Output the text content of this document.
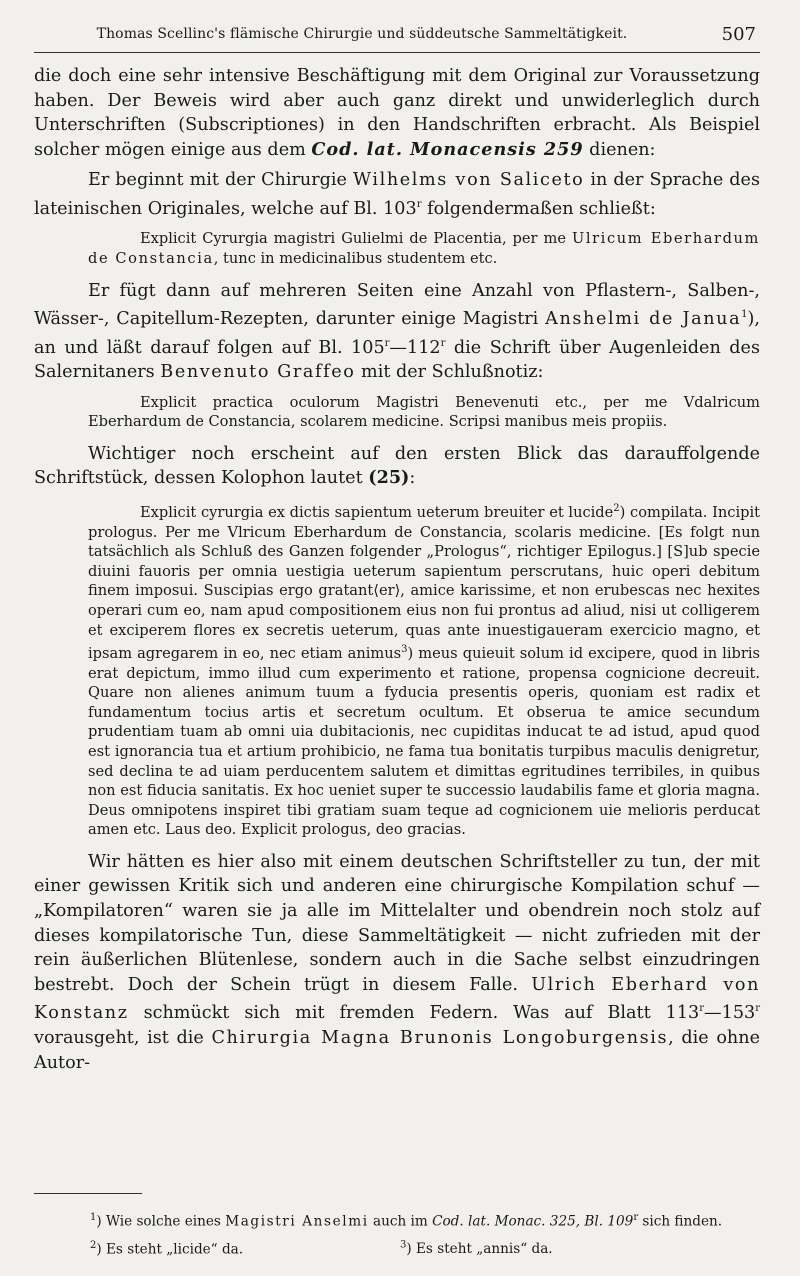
Thomas Scellinc's flämische Chirurgie und süddeutsche Sammeltätigkeit.	507

die doch eine sehr intensive Beschäftigung mit dem Original zur Voraussetzung haben. Der Beweis wird aber auch ganz direkt und unwiderleglich durch Unterschriften (Subscriptiones) in den Handschriften erbracht. Als Beispiel solcher mögen einige aus dem Cod. lat. Monacensis 259 dienen:

Er beginnt mit der Chirurgie Wilhelms von Saliceto in der Sprache des lateinischen Originales, welche auf Bl. 103$^r$ folgendermaßen schließt:

Explicit Cyrurgia magistri Gulielmi de Placentia, per me Ulricum Eberhardum de Constancia, tunc in medicinalibus studentem etc.

Er fügt dann auf mehreren Seiten eine Anzahl von Pflastern-, Salben-, Wässer-, Capitellum-Rezepten, darunter einige Magistri Anshelmi de Janua$^1$), an und läßt darauf folgen auf Bl. 105$^r$—112$^r$ die Schrift über Augenleiden des Salernitaners Benvenuto Graffeo mit der Schlußnotiz:

Explicit practica oculorum Magistri Benevenuti etc., per me Vdalricum Eberhardum de Constancia, scolarem medicine. Scripsi manibus meis propiis.

Wichtiger noch erscheint auf den ersten Blick das darauffolgende Schriftstück, dessen Kolophon lautet (25):

Explicit cyrurgia ex dictis sapientum ueterum breuiter et lucide$^2$) compilata. Incipit prologus. Per me Vlricum Eberhardum de Constancia, scolaris medicine. [Es folgt nun tatsächlich als Schluß des Ganzen folgender „Prologus“, richtiger Epilogus.] [S]ub specie diuini fauoris per omnia uestigia ueterum sapientum perscrutans, huic operi debitum finem imposui. Suscipias ergo gratant⟨er⟩, amice karissime, et non erubescas nec hexites operari cum eo, nam apud compositionem eius non fui prontus ad aliud, nisi ut colligerem et exciperem flores ex secretis ueterum, quas ante inuestigaueram exercicio magno, et ipsam agregarem in eo, nec etiam animus$^3$) meus quieuit solum id excipere, quod in libris erat depictum, immo illud cum experimento et ratione, propensa cognicione decreuit. Quare non alienes animum tuum a fyducia presentis operis, quoniam est radix et fundamentum tocius artis et secretum ocultum. Et obserua te amice secundum prudentiam tuam ab omni uia dubitacionis, nec cupiditas inducat te ad istud, apud quod est ignorancia tua et artium prohibicio, ne fama tua bonitatis turpibus maculis denigretur, sed declina te ad uiam perducentem salutem et dimittas egritudines terribiles, in quibus non est fiducia sanitatis. Ex hoc ueniet super te successio laudabilis fame et gloria magna. Deus omnipotens inspiret tibi gratiam suam teque ad cognicionem uie melioris perducat amen etc. Laus deo. Explicit prologus, deo gracias.

Wir hätten es hier also mit einem deutschen Schriftsteller zu tun, der mit einer gewissen Kritik sich und anderen eine chirurgische Kompilation schuf — „Kompilatoren“ waren sie ja alle im Mittelalter und obendrein noch stolz auf dieses kompilatorische Tun, diese Sammeltätigkeit — nicht zufrieden mit der rein äußerlichen Blütenlese, sondern auch in die Sache selbst einzudringen bestrebt. Doch der Schein trügt in diesem Falle. Ulrich Eberhard von Konstanz schmückt sich mit fremden Federn. Was auf Blatt 113$^r$—153$^r$ vorausgeht, ist die Chirurgia Magna Brunonis Longoburgensis, die ohne Autor-

$^1$) Wie solche eines Magistri Anselmi auch im Cod. lat. Monac. 325, Bl. 109$^r$ sich finden.
$^2$) Es steht „licide“ da.	$^3$) Es steht „annis“ da.
